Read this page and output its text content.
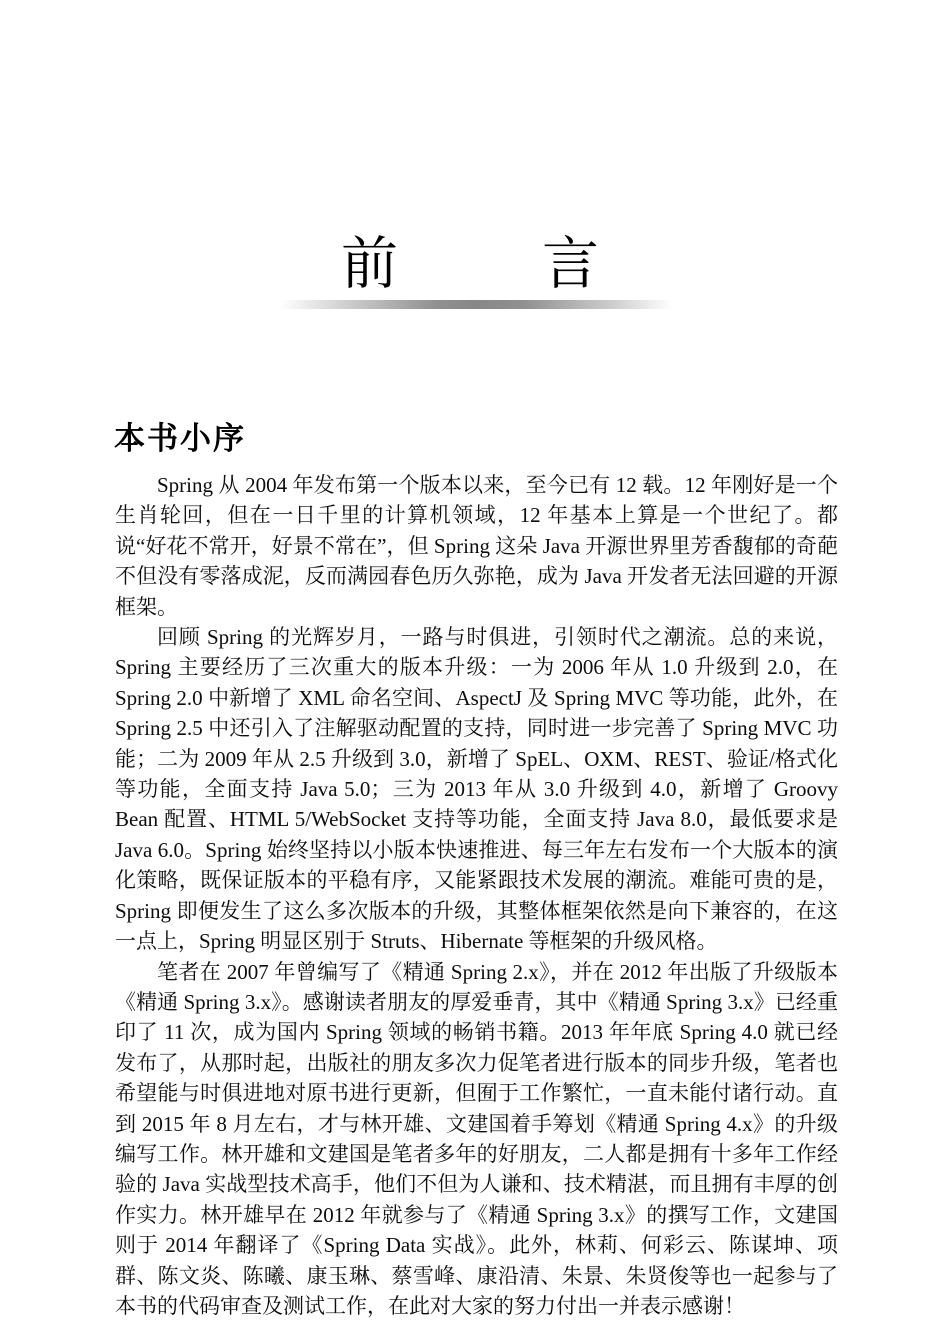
前　　言
本书小序

Spring 从 2004 年发布第一个版本以来，至今已有 12 载。12 年刚好是一个生肖轮回，但在一日千里的计算机领域，12 年基本上算是一个世纪了。都说“好花不常开，好景不常在”，但 Spring 这朵 Java 开源世界里芳香馥郁的奇葩不但没有零落成泥，反而满园春色历久弥艳，成为 Java 开发者无法回避的开源框架。

回顾 Spring 的光辉岁月，一路与时俱进，引领时代之潮流。总的来说，Spring 主要经历了三次重大的版本升级：一为 2006 年从 1.0 升级到 2.0，在 Spring 2.0 中新增了 XML 命名空间、AspectJ 及 Spring MVC 等功能，此外，在 Spring 2.5 中还引入了注解驱动配置的支持，同时进一步完善了 Spring MVC 功能；二为 2009 年从 2.5 升级到 3.0，新增了 SpEL、OXM、REST、验证/格式化等功能，全面支持 Java 5.0；三为 2013 年从 3.0 升级到 4.0，新增了 Groovy Bean 配置、HTML 5/WebSocket 支持等功能，全面支持 Java 8.0，最低要求是 Java 6.0。Spring 始终坚持以小版本快速推进、每三年左右发布一个大版本的演化策略，既保证版本的平稳有序，又能紧跟技术发展的潮流。难能可贵的是，Spring 即便发生了这么多次版本的升级，其整体框架依然是向下兼容的，在这一点上，Spring 明显区别于 Struts、Hibernate 等框架的升级风格。

笔者在 2007 年曾编写了《精通 Spring 2.x》，并在 2012 年出版了升级版本《精通 Spring 3.x》。感谢读者朋友的厚爱垂青，其中《精通 Spring 3.x》已经重印了 11 次，成为国内 Spring 领域的畅销书籍。2013 年年底 Spring 4.0 就已经发布了，从那时起，出版社的朋友多次力促笔者进行版本的同步升级，笔者也希望能与时俱进地对原书进行更新，但囿于工作繁忙，一直未能付诸行动。直到 2015 年 8 月左右，才与林开雄、文建国着手筹划《精通 Spring 4.x》的升级编写工作。林开雄和文建国是笔者多年的好朋友，二人都是拥有十多年工作经验的 Java 实战型技术高手，他们不但为人谦和、技术精湛，而且拥有丰厚的创作实力。林开雄早在 2012 年就参与了《精通 Spring 3.x》的撰写工作，文建国则于 2014 年翻译了《Spring Data 实战》。此外，林莉、何彩云、陈谋坤、项群、陈文炎、陈曦、康玉琳、蔡雪峰、康沿清、朱景、朱贤俊等也一起参与了本书的代码审查及测试工作，在此对大家的努力付出一并表示感谢！
